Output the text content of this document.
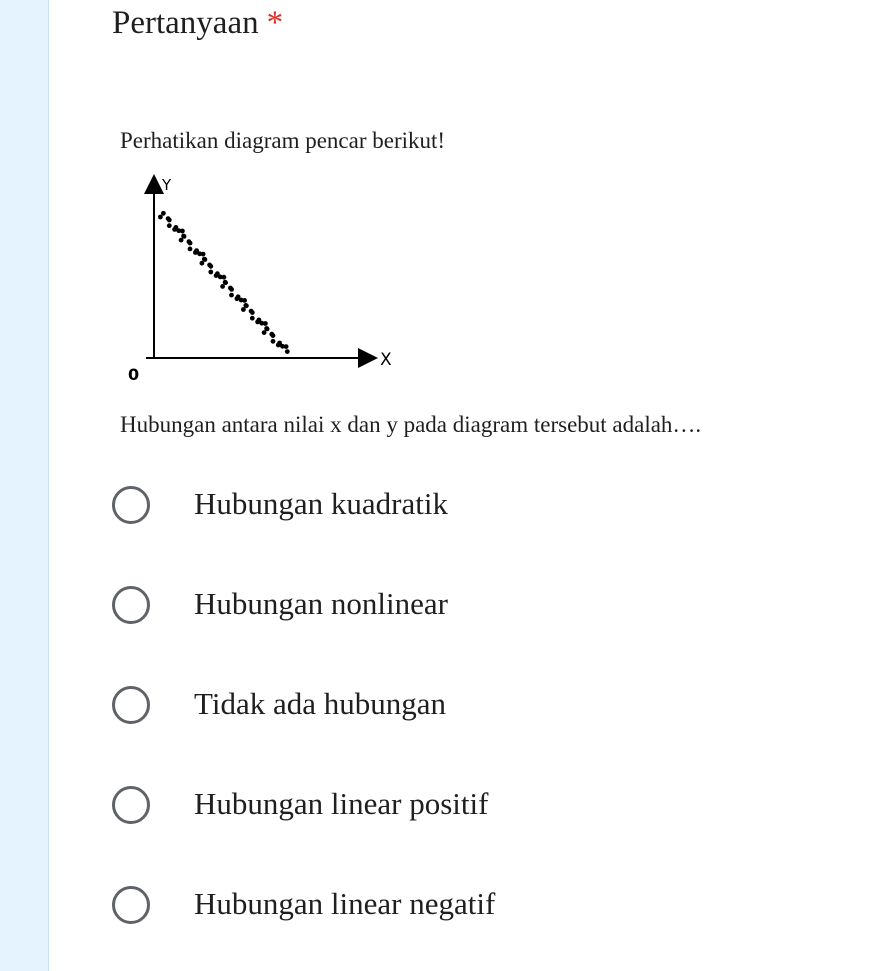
Pertanyaan *
Perhatikan diagram pencar berikut!
Y
X
0
Hubungan antara nilai x dan y pada diagram tersebut adalah….
Hubungan kuadratik
Hubungan nonlinear
Tidak ada hubungan
Hubungan linear positif
Hubungan linear negatif
